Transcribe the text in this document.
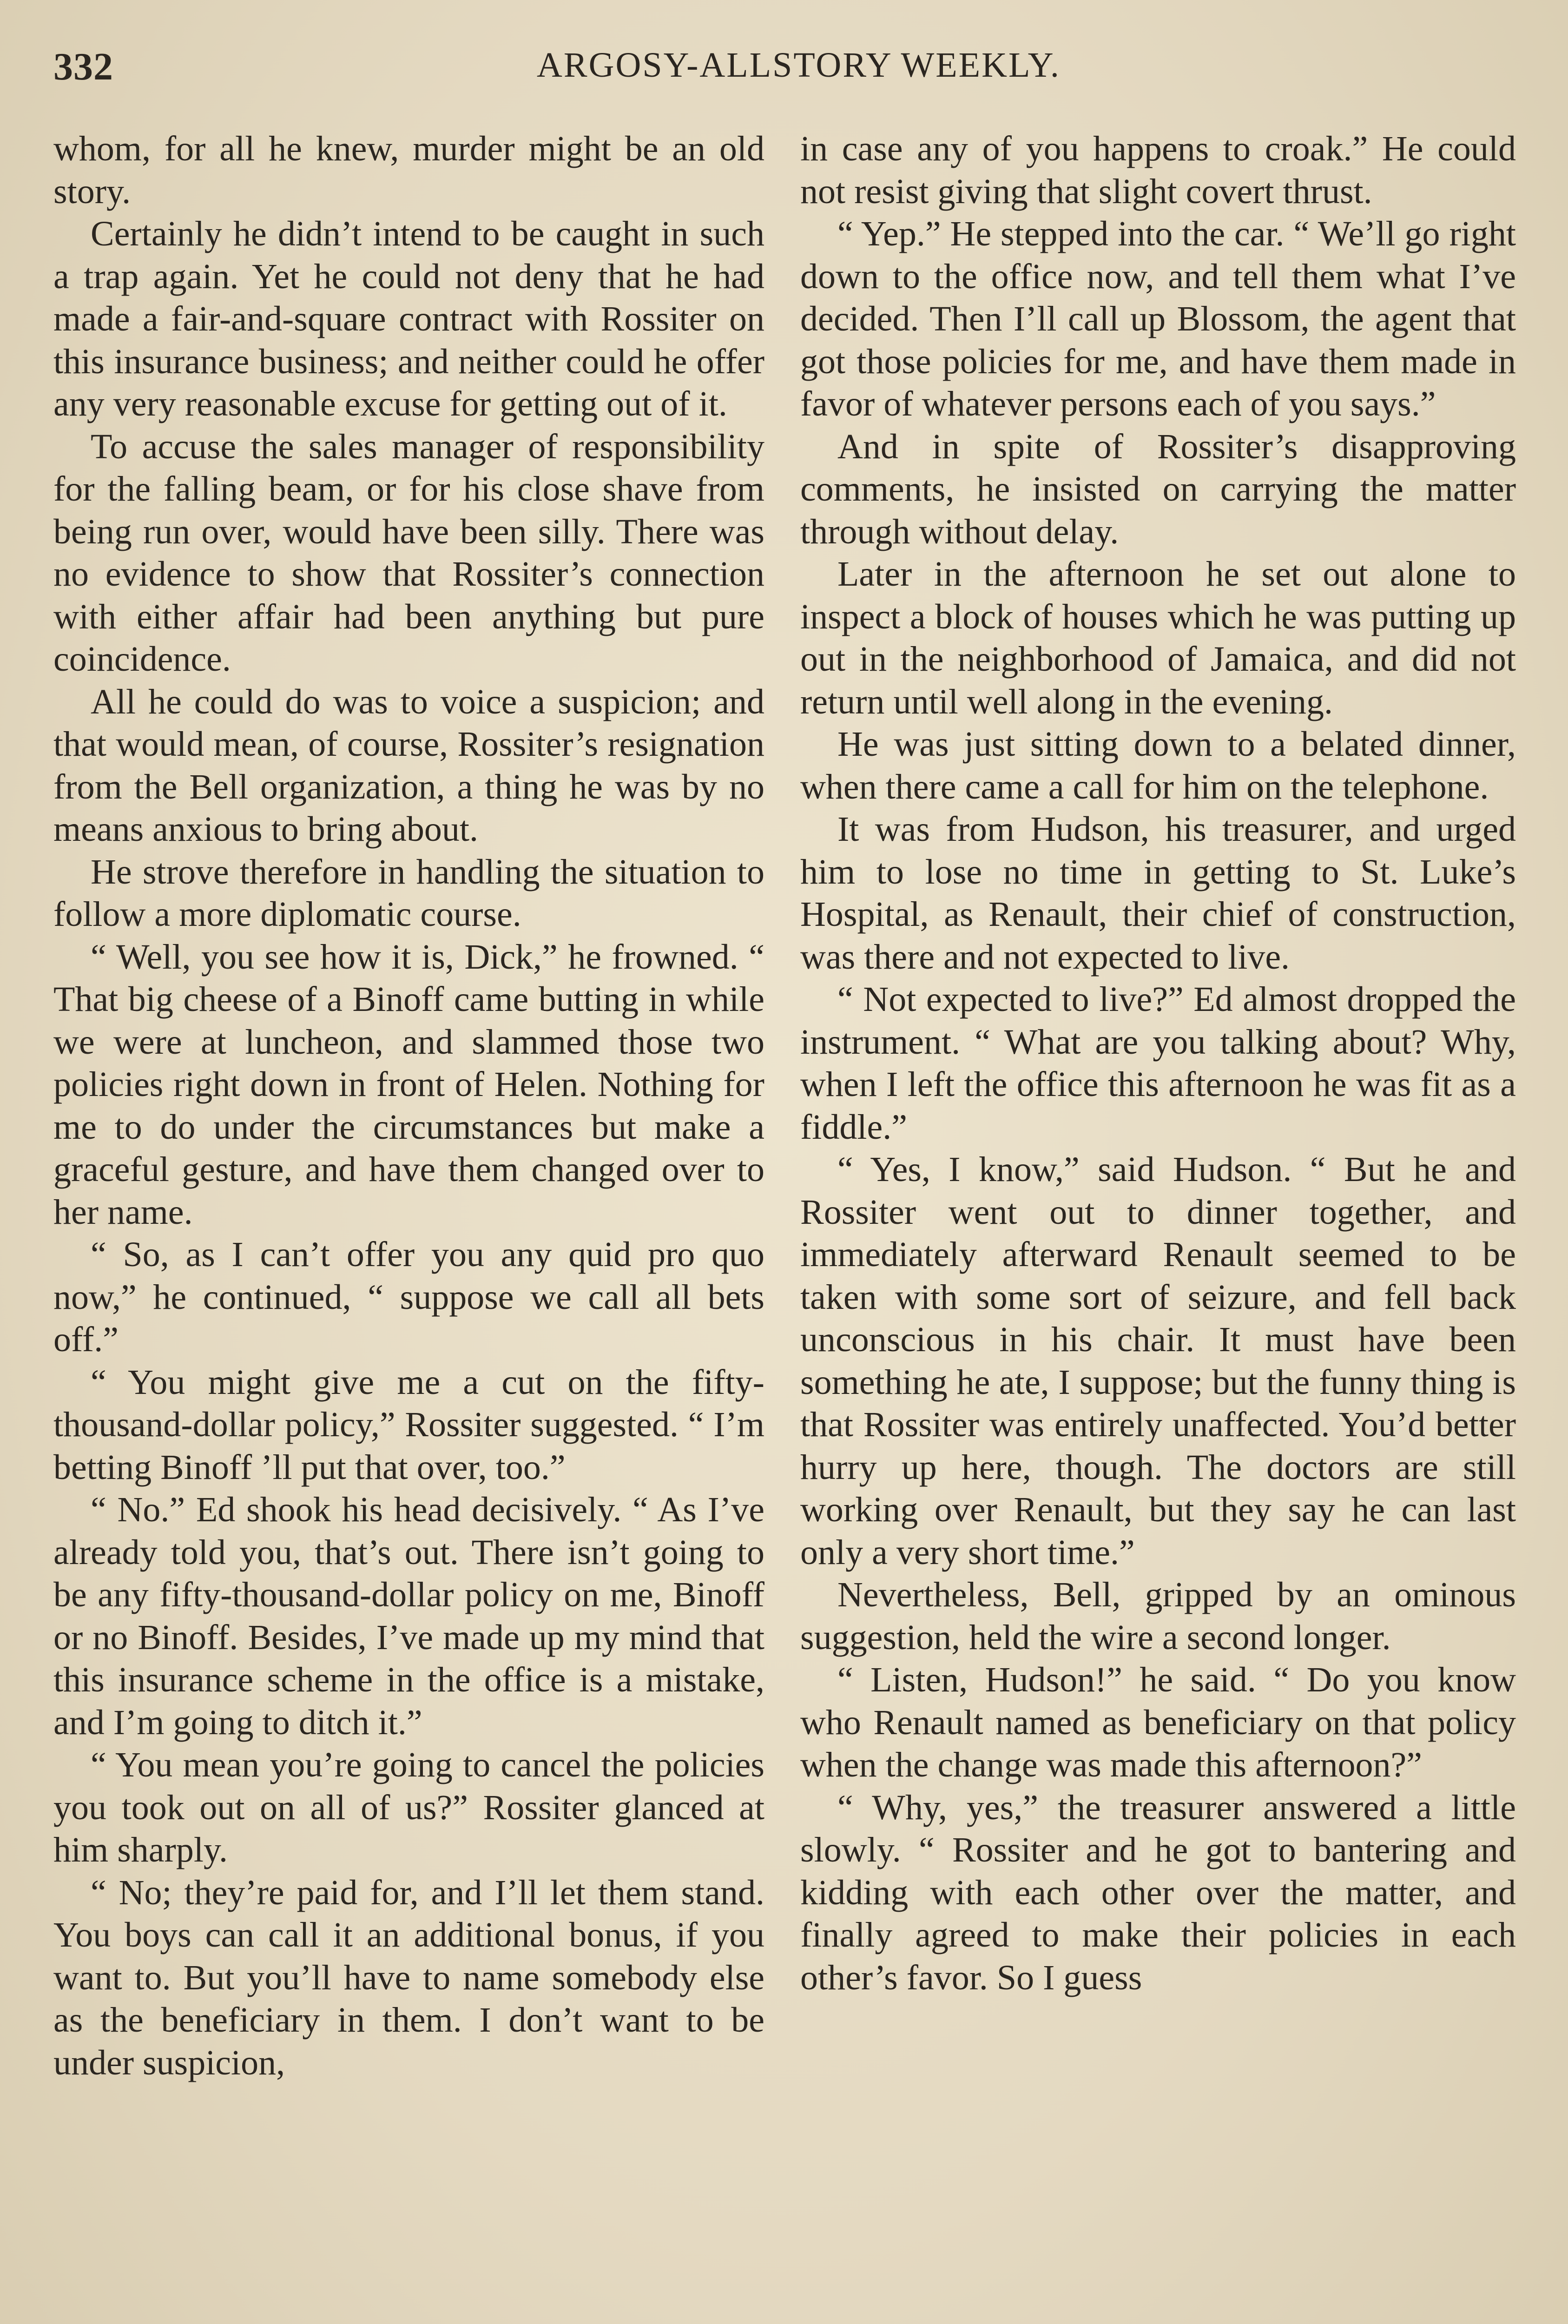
332	ARGOSY-ALLSTORY WEEKLY.

whom, for all he knew, murder might be an old story.

Certainly he didn’t intend to be caught in such a trap again. Yet he could not deny that he had made a fair-and-square contract with Rossiter on this insurance business; and neither could he offer any very reasonable excuse for getting out of it.

To accuse the sales manager of responsibility for the falling beam, or for his close shave from being run over, would have been silly. There was no evidence to show that Rossiter’s connection with either affair had been anything but pure coincidence.

All he could do was to voice a suspicion; and that would mean, of course, Rossiter’s resignation from the Bell organization, a thing he was by no means anxious to bring about.

He strove therefore in handling the situation to follow a more diplomatic course.

“ Well, you see how it is, Dick,” he frowned. “ That big cheese of a Binoff came butting in while we were at luncheon, and slammed those two policies right down in front of Helen. Nothing for me to do under the circumstances but make a graceful gesture, and have them changed over to her name.

“ So, as I can’t offer you any quid pro quo now,” he continued, “ suppose we call all bets off.”

“ You might give me a cut on the fifty-thousand-dollar policy,” Rossiter suggested. “ I’m betting Binoff ’ll put that over, too.”

“ No.” Ed shook his head decisively. “ As I’ve already told you, that’s out. There isn’t going to be any fifty-thousand-dollar policy on me, Binoff or no Binoff. Besides, I’ve made up my mind that this insurance scheme in the office is a mistake, and I’m going to ditch it.”

“ You mean you’re going to cancel the policies you took out on all of us?” Rossiter glanced at him sharply.

“ No; they’re paid for, and I’ll let them stand. You boys can call it an additional bonus, if you want to. But you’ll have to name somebody else as the beneficiary in them. I don’t want to be under suspicion,

in case any of you happens to croak.” He could not resist giving that slight covert thrust.

“ Yep.” He stepped into the car. “ We’ll go right down to the office now, and tell them what I’ve decided. Then I’ll call up Blossom, the agent that got those policies for me, and have them made in favor of whatever persons each of you says.”

And in spite of Rossiter’s disapproving comments, he insisted on carrying the matter through without delay.

Later in the afternoon he set out alone to inspect a block of houses which he was putting up out in the neighborhood of Jamaica, and did not return until well along in the evening.

He was just sitting down to a belated dinner, when there came a call for him on the telephone.

It was from Hudson, his treasurer, and urged him to lose no time in getting to St. Luke’s Hospital, as Renault, their chief of construction, was there and not expected to live.

“ Not expected to live?” Ed almost dropped the instrument. “ What are you talking about? Why, when I left the office this afternoon he was fit as a fiddle.”

“ Yes, I know,” said Hudson. “ But he and Rossiter went out to dinner together, and immediately afterward Renault seemed to be taken with some sort of seizure, and fell back unconscious in his chair. It must have been something he ate, I suppose; but the funny thing is that Rossiter was entirely unaffected. You’d better hurry up here, though. The doctors are still working over Renault, but they say he can last only a very short time.”

Nevertheless, Bell, gripped by an ominous suggestion, held the wire a second longer.

“ Listen, Hudson!” he said. “ Do you know who Renault named as beneficiary on that policy when the change was made this afternoon?”

“ Why, yes,” the treasurer answered a little slowly. “ Rossiter and he got to bantering and kidding with each other over the matter, and finally agreed to make their policies in each other’s favor. So I guess
